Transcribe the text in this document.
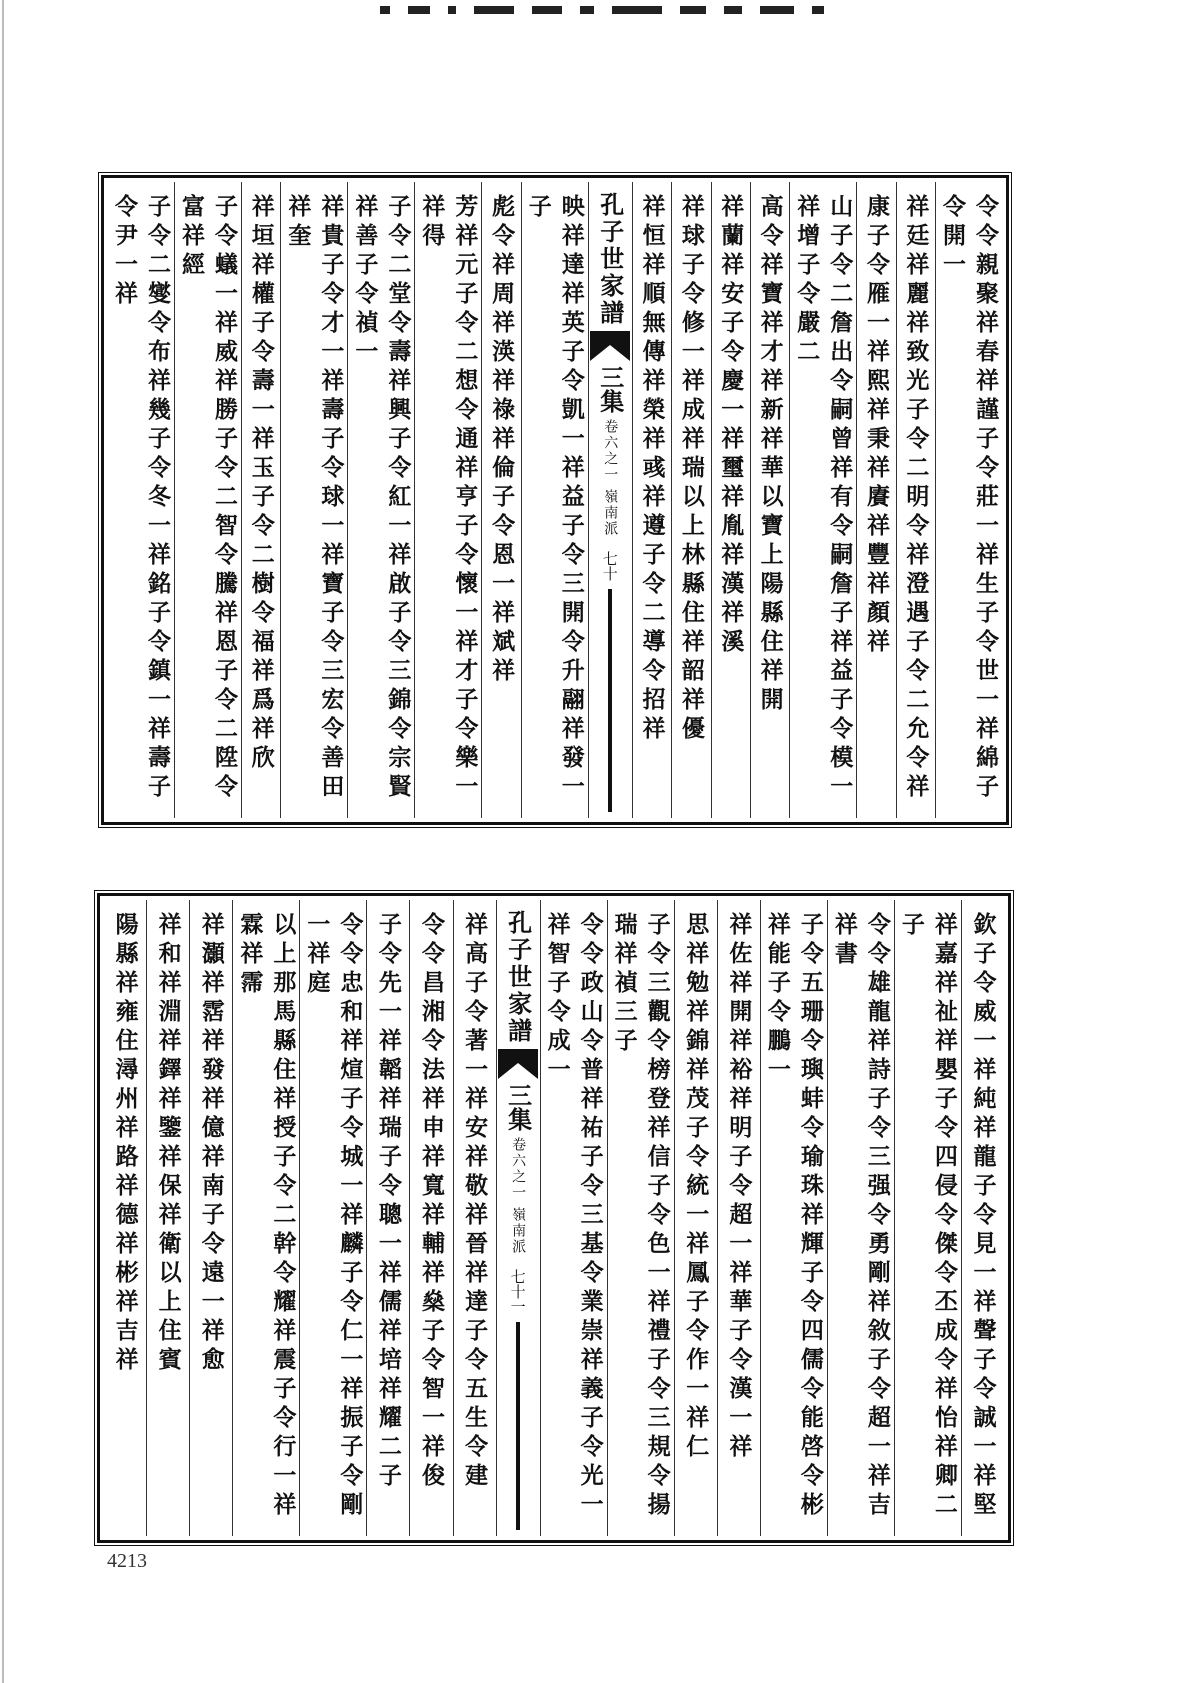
令令親聚祥春祥謹子令莊一祥生子令世一祥綿子令開一
祥廷祥麗祥致光子令二明令祥澄遇子令二允令祥
康子令雁一祥熙祥秉祥賡祥豐祥顏祥
山子令二詹出令嗣曾祥有令嗣詹子祥益子令模一祥增子令嚴二
高令祥寶祥才祥新祥華以寶上陽縣住祥開
祥蘭祥安子令慶一祥璽祥胤祥漢祥溪
祥球子令修一祥成祥瑞以上林縣住祥韶祥優
祥恒祥順無傳祥榮祥彧祥遵子令二導令招祥
孔子世家譜
三集
卷六之一
嶺南派
七十
映祥達祥英子令凱一祥益子令三開令升翮祥發一子
彪令祥周祥渶祥祿祥倫子令恩一祥斌祥
芳祥元子令二想令通祥亨子令懷一祥才子令樂一祥得
子令二堂令壽祥興子令紅一祥啟子令三錦令宗賢祥善子令禎一
祥貴子令才一祥壽子令球一祥寶子令三宏令善田祥奎
祥垣祥權子令壽一祥玉子令二樹令福祥爲祥欣
子令蟻一祥威祥勝子令二智令騰祥恩子令二陞令富祥經
子令二燮令布祥幾子令冬一祥銘子令鎮一祥壽子令尹一祥
欽子令威一祥純祥龍子令見一祥聲子令誠一祥堅
祥嘉祥祉祥嬰子令四侵令傑令丕成令祥怡祥卿二子
令令雄龍祥詩子令三强令勇剛祥敘子令超一祥吉祥書
子令五珊令璵蚌令瑜珠祥輝子令四儒令能啓令彬祥能子令鵬一
祥佐祥開祥裕祥明子令超一祥華子令漢一祥
思祥勉祥錦祥茂子令統一祥鳳子令作一祥仁
子令三觀令榜登祥信子令色一祥禮子令三規令揚瑞祥禎三子
令令政山令普祥祐子令三基令業崇祥義子令光一祥智子令成一
孔子世家譜
三集
卷六之一
嶺南派
七十一
祥高子令著一祥安祥敬祥晉祥達子令五生令建
令令昌湘令法祥申祥寬祥輔祥燊子令智一祥俊
子令先一祥韜祥瑞子令聰一祥儒祥培祥耀二子
令令忠和祥煊子令城一祥麟子令仁一祥振子令剛一祥庭
以上那馬縣住祥授子令二幹令耀祥震子令行一祥霖祥霈
祥灝祥霑祥發祥億祥南子令遠一祥愈
祥和祥淵祥鐸祥鑒祥保祥衛以上住賓
陽縣祥雍住潯州祥路祥德祥彬祥吉祥
4213
